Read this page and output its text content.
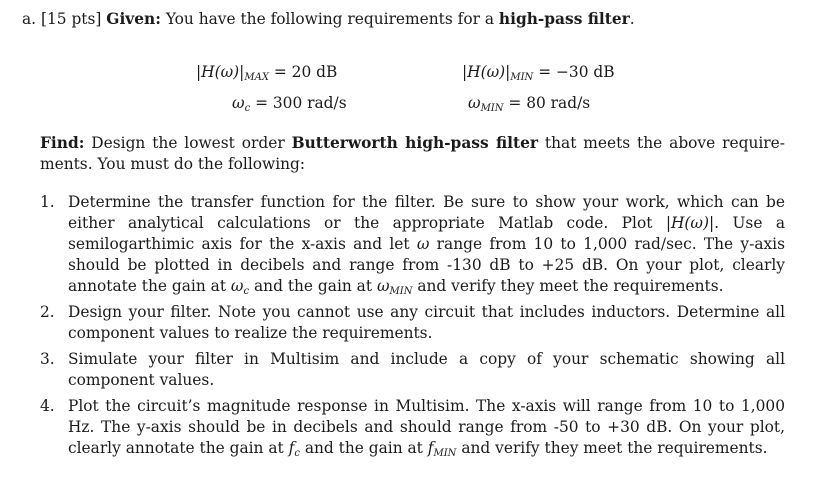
a. [15 pts] Given: You have the following requirements for a high-pass filter.
$|H(\omega)|_{MAX} = 20$ dB	$|H(\omega)|_{MIN} = -30$ dB
$\omega_c = 300$ rad/s	$\omega_{MIN} = 80$ rad/s
Find: Design the lowest order Butterworth high-pass filter that meets the above require- ments. You must do the following:
1. Determine the transfer function for the filter. Be sure to show your work, which can be either analytical calculations or the appropriate Matlab code. Plot |H(ω)|. Use a semilogarthimic axis for the x-axis and let ω range from 10 to 1,000 rad/sec. The y-axis should be plotted in decibels and range from -130 dB to +25 dB. On your plot, clearly annotate the gain at $\omega_c$ and the gain at $\omega_{MIN}$ and verify they meet the requirements.
2. Design your filter. Note you cannot use any circuit that includes inductors. Determine all component values to realize the requirements.
3. Simulate your filter in Multisim and include a copy of your schematic showing all component values.
4. Plot the circuit’s magnitude response in Multisim. The x-axis will range from 10 to 1,000 Hz. The y-axis should be in decibels and should range from -50 to +30 dB. On your plot, clearly annotate the gain at $f_c$ and the gain at $f_{MIN}$ and verify they meet the requirements.
